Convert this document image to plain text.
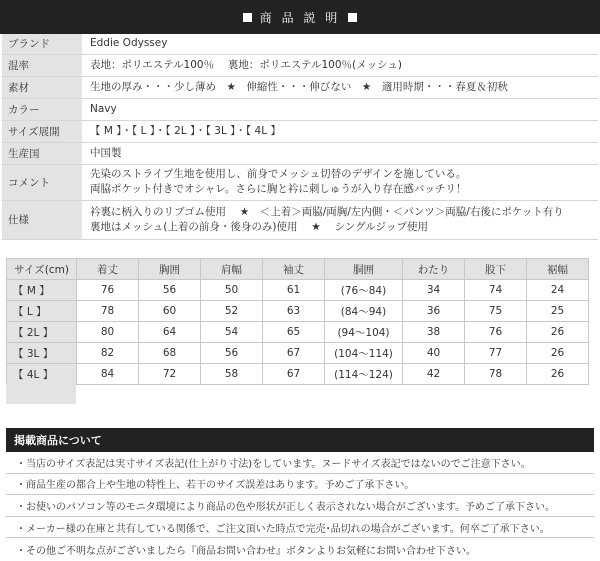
商 品 説 明
ブランド	Eddie Odyssey
混率	表地：ポリエステル100％　 裏地：ポリエステル100％(メッシュ)
素材	生地の厚み・・・少し薄め　★　伸縮性・・・伸びない　★　適用時期・・・春夏＆初秋
カラー	Navy
サイズ展開	【 M 】・【 L 】・【 2L 】・【 3L 】・【 4L 】
生産国	中国製
コメント	先染のストライプ生地を使用し、前身でメッシュ切替のデザインを施している。
両脇ポケット付きでオシャレ。さらに胸と衿に刺しゅうが入り存在感バッチリ！

仕様	衿裏に柄入りのリブゴム使用　 ★　＜上着＞両脇/両胸/左内側・＜パンツ＞両脇/右後にポケット有り
裏地はメッシュ(上着の前身・後身のみ)使用　 ★　 シングルジップ使用
サイズ(cm)	着丈	胸囲	肩幅	袖丈	胴囲	わたり	股下	裾幅
【 M 】	76	56	50	61	(76〜84)	34	74	24
【 L 】	78	60	52	63	(84〜94)	36	75	25
【 2L 】	80	64	54	65	(94〜104)	38	76	26
【 3L 】	82	68	56	67	(104〜114)	40	77	26
【 4L 】	84	72	58	67	(114〜124)	42	78	26
掲載商品について
・当店のサイズ表記は実寸サイズ表記(仕上がり寸法)をしています。ヌードサイズ表記ではないのでご注意下さい。
・商品生産の都合上や生地の特性上、若干のサイズ誤差はあります。予めご了承下さい。
・お使いのパソコン等のモニタ環境により商品の色や形状が正しく表示されない場合がございます。予めご了承下さい。
・メーカー様の在庫と共有している関係で、ご注文頂いた時点で完売･品切れの場合がございます。何卒ご了承下さい。
・その他ご不明な点がございましたら『商品お問い合わせ』ボタンよりお気軽にお問い合わせ下さい。
